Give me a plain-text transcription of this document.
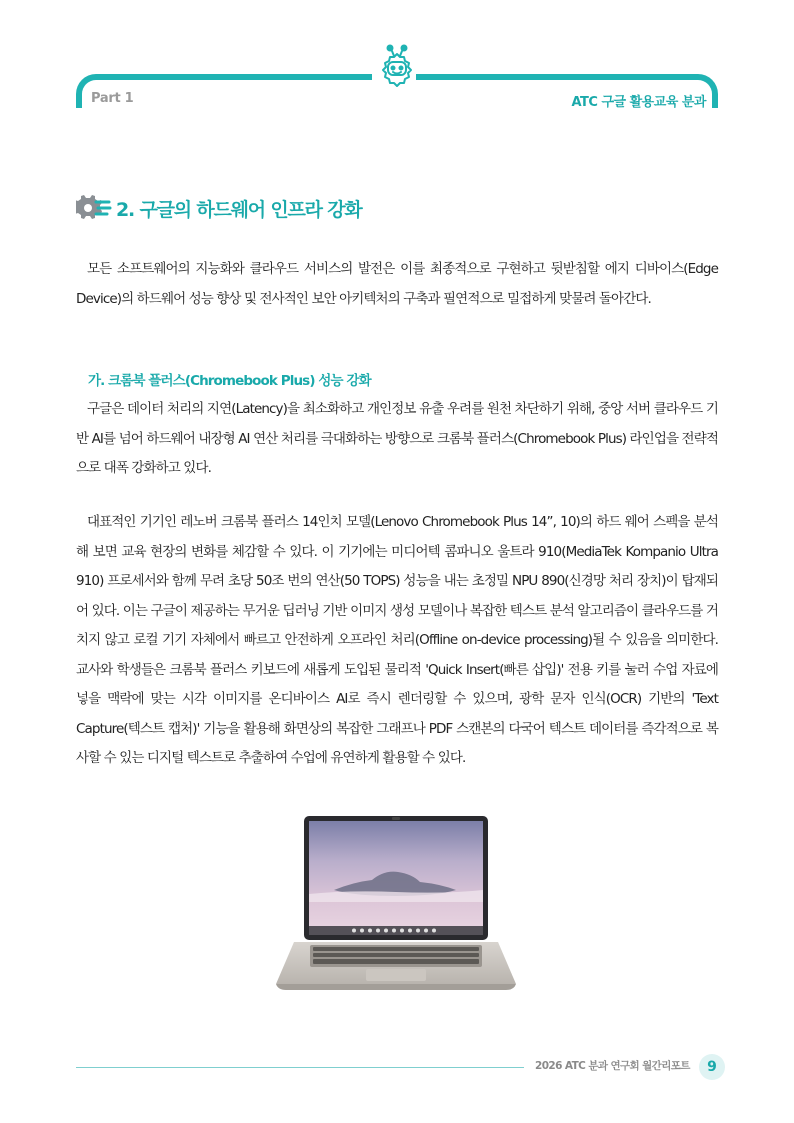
Part 1	ATC 구글 활용교육 분과
2. 구글의 하드웨어 인프라 강화

모든 소프트웨어의 지능화와 클라우드 서비스의 발전은 이를 최종적으로 구현하고 뒷받침할 에지 디바이스(Edge Device)의 하드웨어 성능 향상 및 전사적인 보안 아키텍처의 구축과 필연적으로 밀접하게 맞물려 돌아간다.

가. 크롬북 플러스(Chromebook Plus) 성능 강화

구글은 데이터 처리의 지연(Latency)을 최소화하고 개인정보 유출 우려를 원천 차단하기 위해, 중앙 서버 클라우드 기반 AI를 넘어 하드웨어 내장형 AI 연산 처리를 극대화하는 방향으로 크롬북 플러스(Chromebook Plus) 라인업을 전략적으로 대폭 강화하고 있다.

대표적인 기기인 레노버 크롬북 플러스 14인치 모델(Lenovo Chromebook Plus 14”, 10)의 하드 웨어 스펙을 분석해 보면 교육 현장의 변화를 체감할 수 있다. 이 기기에는 미디어텍 콤파니오 울트라 910(MediaTek Kompanio Ultra 910) 프로세서와 함께 무려 초당 50조 번의 연산(50 TOPS) 성능을 내는 초정밀 NPU 890(신경망 처리 장치)이 탑재되어 있다. 이는 구글이 제공하는 무거운 딥러닝 기반 이미지 생성 모델이나 복잡한 텍스트 분석 알고리즘이 클라우드를 거치지 않고 로컬 기기 자체에서 빠르고 안전하게 오프라인 처리(Offline on-device processing)될 수 있음을 의미한다. 교사와 학생들은 크롬북 플러스 키보드에 새롭게 도입된 물리적 'Quick Insert(빠른 삽입)' 전용 키를 눌러 수업 자료에 넣을 맥락에 맞는 시각 이미지를 온디바이스 AI로 즉시 렌더링할 수 있으며, 광학 문자 인식(OCR) 기반의 'Text Capture(텍스트 캡처)' 기능을 활용해 화면상의 복잡한 그래프나 PDF 스캔본의 다국어 텍스트 데이터를 즉각적으로 복사할 수 있는 디지털 텍스트로 추출하여 수업에 유연하게 활용할 수 있다.

2026 ATC 분과 연구회 월간리포트	9
